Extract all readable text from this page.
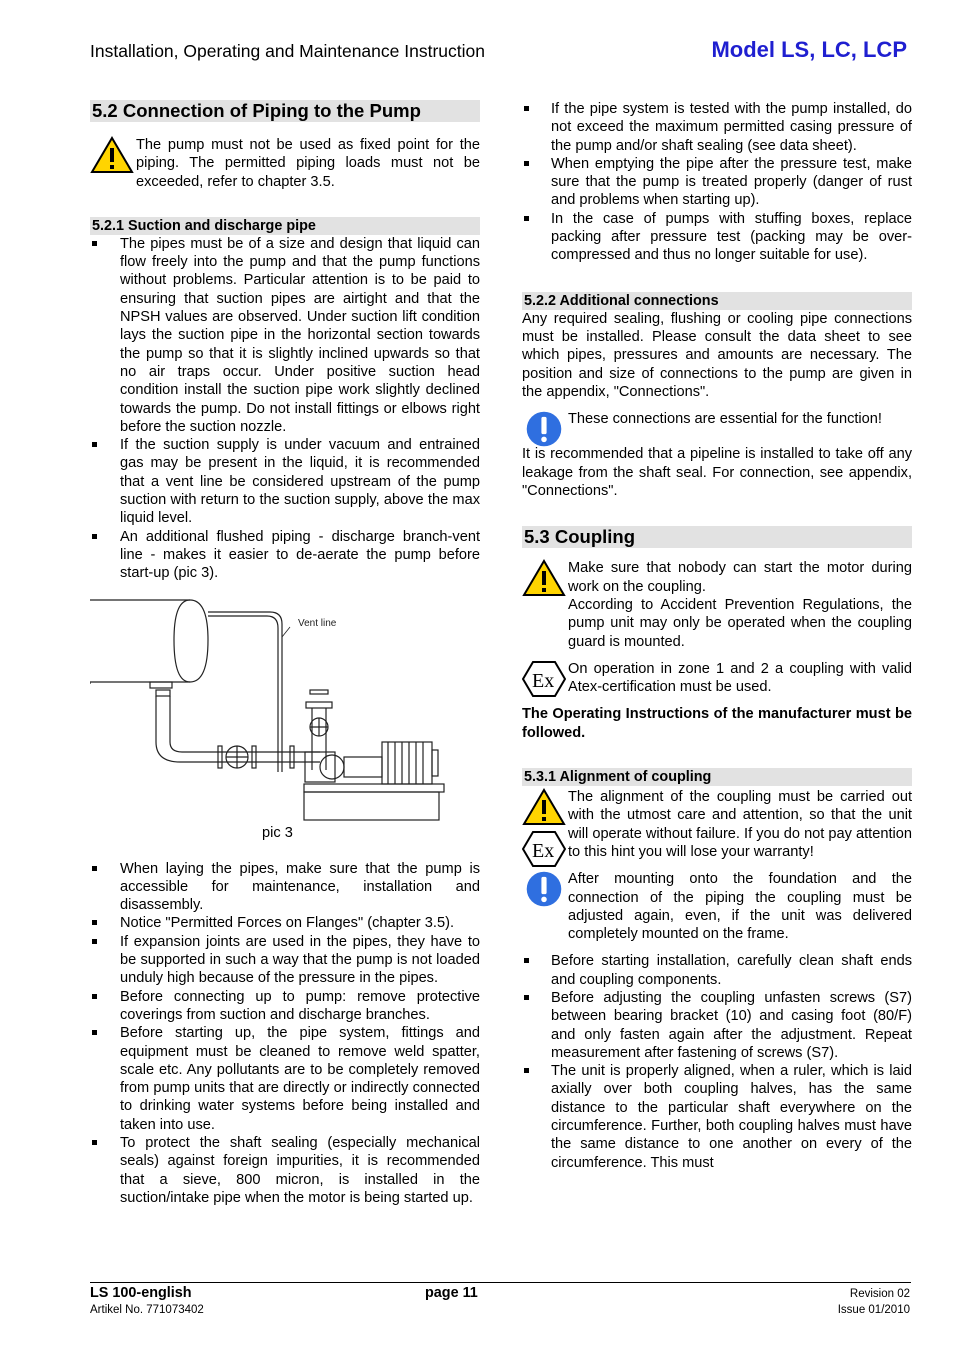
Installation, Operating and Maintenance Instruction	Model LS, LC, LCP
5.2 Connection of Piping to the Pump

The pump must not be used as fixed point for the piping. The permitted piping loads must not be exceeded, refer to chapter 3.5.

5.2.1 Suction and discharge pipe
The pipes must be of a size and design that liquid can flow freely into the pump and that the pump functions without problems. Particular attention is to be paid to ensuring that suction pipes are airtight and that the NPSH values are observed. Under suction lift condition lays the suction pipe in the horizontal section towards the pump so that it is slightly inclined upwards so that no air traps occur. Under positive suction head condition install the suction pipe work slightly declined towards the pump. Do not install fittings or elbows right before the suction nozzle.
If the suction supply is under vacuum and entrained gas may be present in the liquid, it is recommended that a vent line be considered upstream of the pump suction with return to the suction supply, above the max liquid level.
An additional flushed piping - discharge branch-vent line - makes it easier to de-aerate the pump before start-up (pic 3).
Vent line
pic 3
When laying the pipes, make sure that the pump is accessible for maintenance, installation and disassembly.
Notice "Permitted Forces on Flanges" (chapter 3.5).
If expansion joints are used in the pipes, they have to be supported in such a way that the pump is not loaded unduly high because of the pressure in the pipes.
Before connecting up to pump: remove protective coverings from suction and discharge branches.
Before starting up, the pipe system, fittings and equipment must be cleaned to remove weld spatter, scale etc. Any pollutants are to be completely removed from pump units that are directly or indirectly connected to drinking water systems before being installed and taken into use.
To protect the shaft sealing (especially mechanical seals) against foreign impurities, it is recommended that a sieve, 800 micron, is installed in the suction/intake pipe when the motor is being started up.
If the pipe system is tested with the pump installed, do not exceed the maximum permitted casing pressure of the pump and/or shaft sealing (see data sheet).
When emptying the pipe after the pressure test, make sure that the pump is treated properly (danger of rust and problems when starting up).
In the case of pumps with stuffing boxes, replace packing after pressure test (packing may be over-compressed and thus no longer suitable for use).
5.2.2 Additional connections

Any required sealing, flushing or cooling pipe connections must be installed. Please consult the data sheet to see which pipes, pressures and amounts are necessary. The position and size of connections to the pump are given in the appendix, "Connections".

These connections are essential for the function!

It is recommended that a pipeline is installed to take off any leakage from the shaft seal. For connection, see appendix, "Connections".

5.3 Coupling

Make sure that nobody can start the motor during work on the coupling.

According to Accident Prevention Regulations, the pump unit may only be operated when the coupling guard is mounted.

Ex

On operation in zone 1 and 2 a coupling with valid Atex-certification must be used.

The Operating Instructions of the manufacturer must be followed.

5.3.1 Alignment of coupling
Ex

The alignment of the coupling must be carried out with the utmost care and attention, so that the unit will operate without failure. If you do not pay attention to this hint you will lose your warranty!

After mounting onto the foundation and the connection of the piping the coupling must be adjusted again, even, if the unit was delivered completely mounted on the frame.

Before starting installation, carefully clean shaft ends and coupling components.
Before adjusting the coupling unfasten screws (S7) between bearing bracket (10) and casing foot (80/F) and only fasten again after the adjustment. Repeat measurement after fastening of screws (S7).
The unit is properly aligned, when a ruler, which is laid axially over both coupling halves, has the same distance to the particular shaft everywhere on the circumference. Further, both coupling halves must have the same distance to one another on every of the circumference. This must
LS 100-english
Artikel No. 771073402
page 11	Revision 02
Issue 01/2010
